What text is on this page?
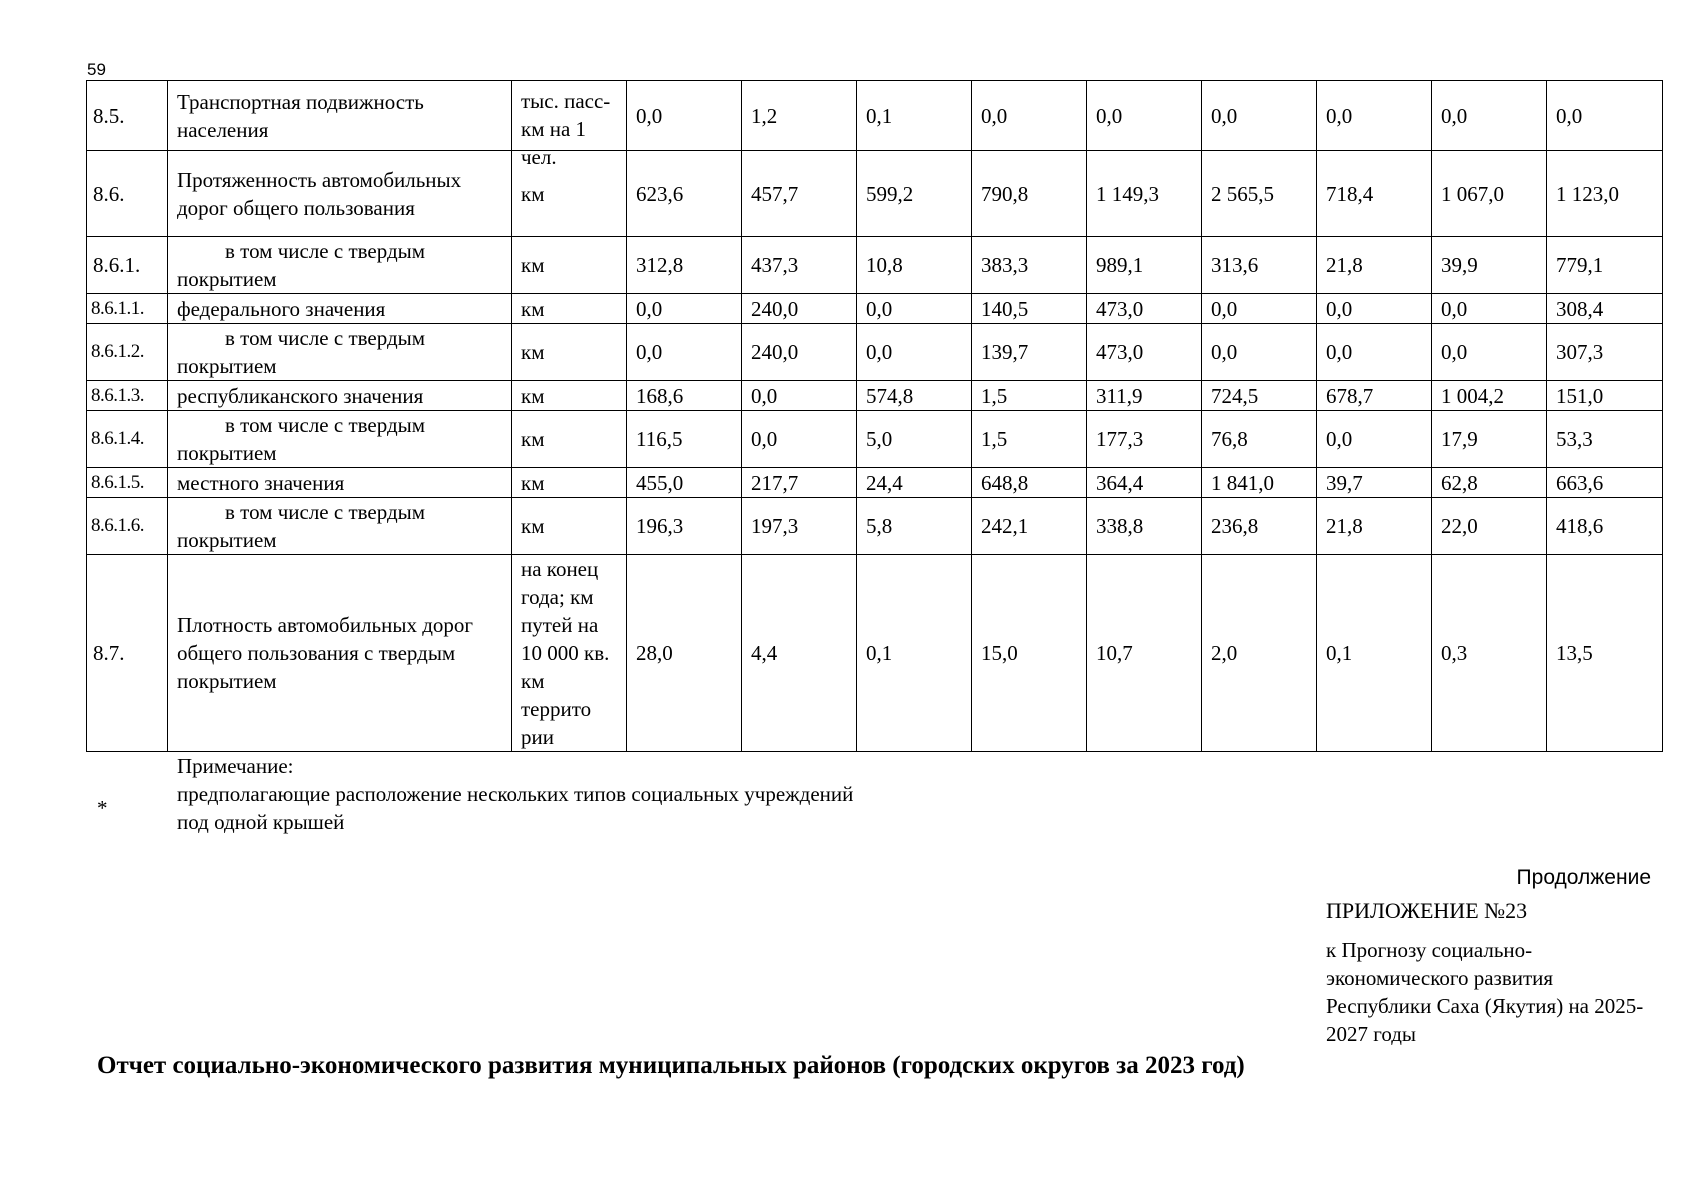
59
8.5.	Транспортная подвижность населения	тыс. пасс-км на 1 чел.	0,0	1,2	0,1	0,0	0,0	0,0	0,0	0,0	0,0
8.6.	Протяженность автомобильных дорог общего пользования	км	623,6	457,7	599,2	790,8	1 149,3	2 565,5	718,4	1 067,0	1 123,0
8.6.1.	в том числе с твердым покрытием	км	312,8	437,3	10,8	383,3	989,1	313,6	21,8	39,9	779,1
8.6.1.1.	федерального значения	км	0,0	240,0	0,0	140,5	473,0	0,0	0,0	0,0	308,4
8.6.1.2.	в том числе с твердым покрытием	км	0,0	240,0	0,0	139,7	473,0	0,0	0,0	0,0	307,3
8.6.1.3.	республиканского значения	км	168,6	0,0	574,8	1,5	311,9	724,5	678,7	1 004,2	151,0
8.6.1.4.	в том числе с твердым покрытием	км	116,5	0,0	5,0	1,5	177,3	76,8	0,0	17,9	53,3
8.6.1.5.	местного значения	км	455,0	217,7	24,4	648,8	364,4	1 841,0	39,7	62,8	663,6
8.6.1.6.	в том числе с твердым покрытием	км	196,3	197,3	5,8	242,1	338,8	236,8	21,8	22,0	418,6
8.7.	Плотность автомобильных дорог общего пользования с твердым покрытием	на конец года; км путей на 10 000 кв. км террито рии	28,0	4,4	0,1	15,0	10,7	2,0	0,1	0,3	13,5
Примечание:
предполагающие расположение нескольких типов социальных учреждений под одной крышей
*
Продолжение
ПРИЛОЖЕНИЕ №23
к Прогнозу социально-экономического развития Республики Саха (Якутия) на 2025-2027 годы
Отчет социально-экономического развития муниципальных районов (городских округов за 2023 год)
